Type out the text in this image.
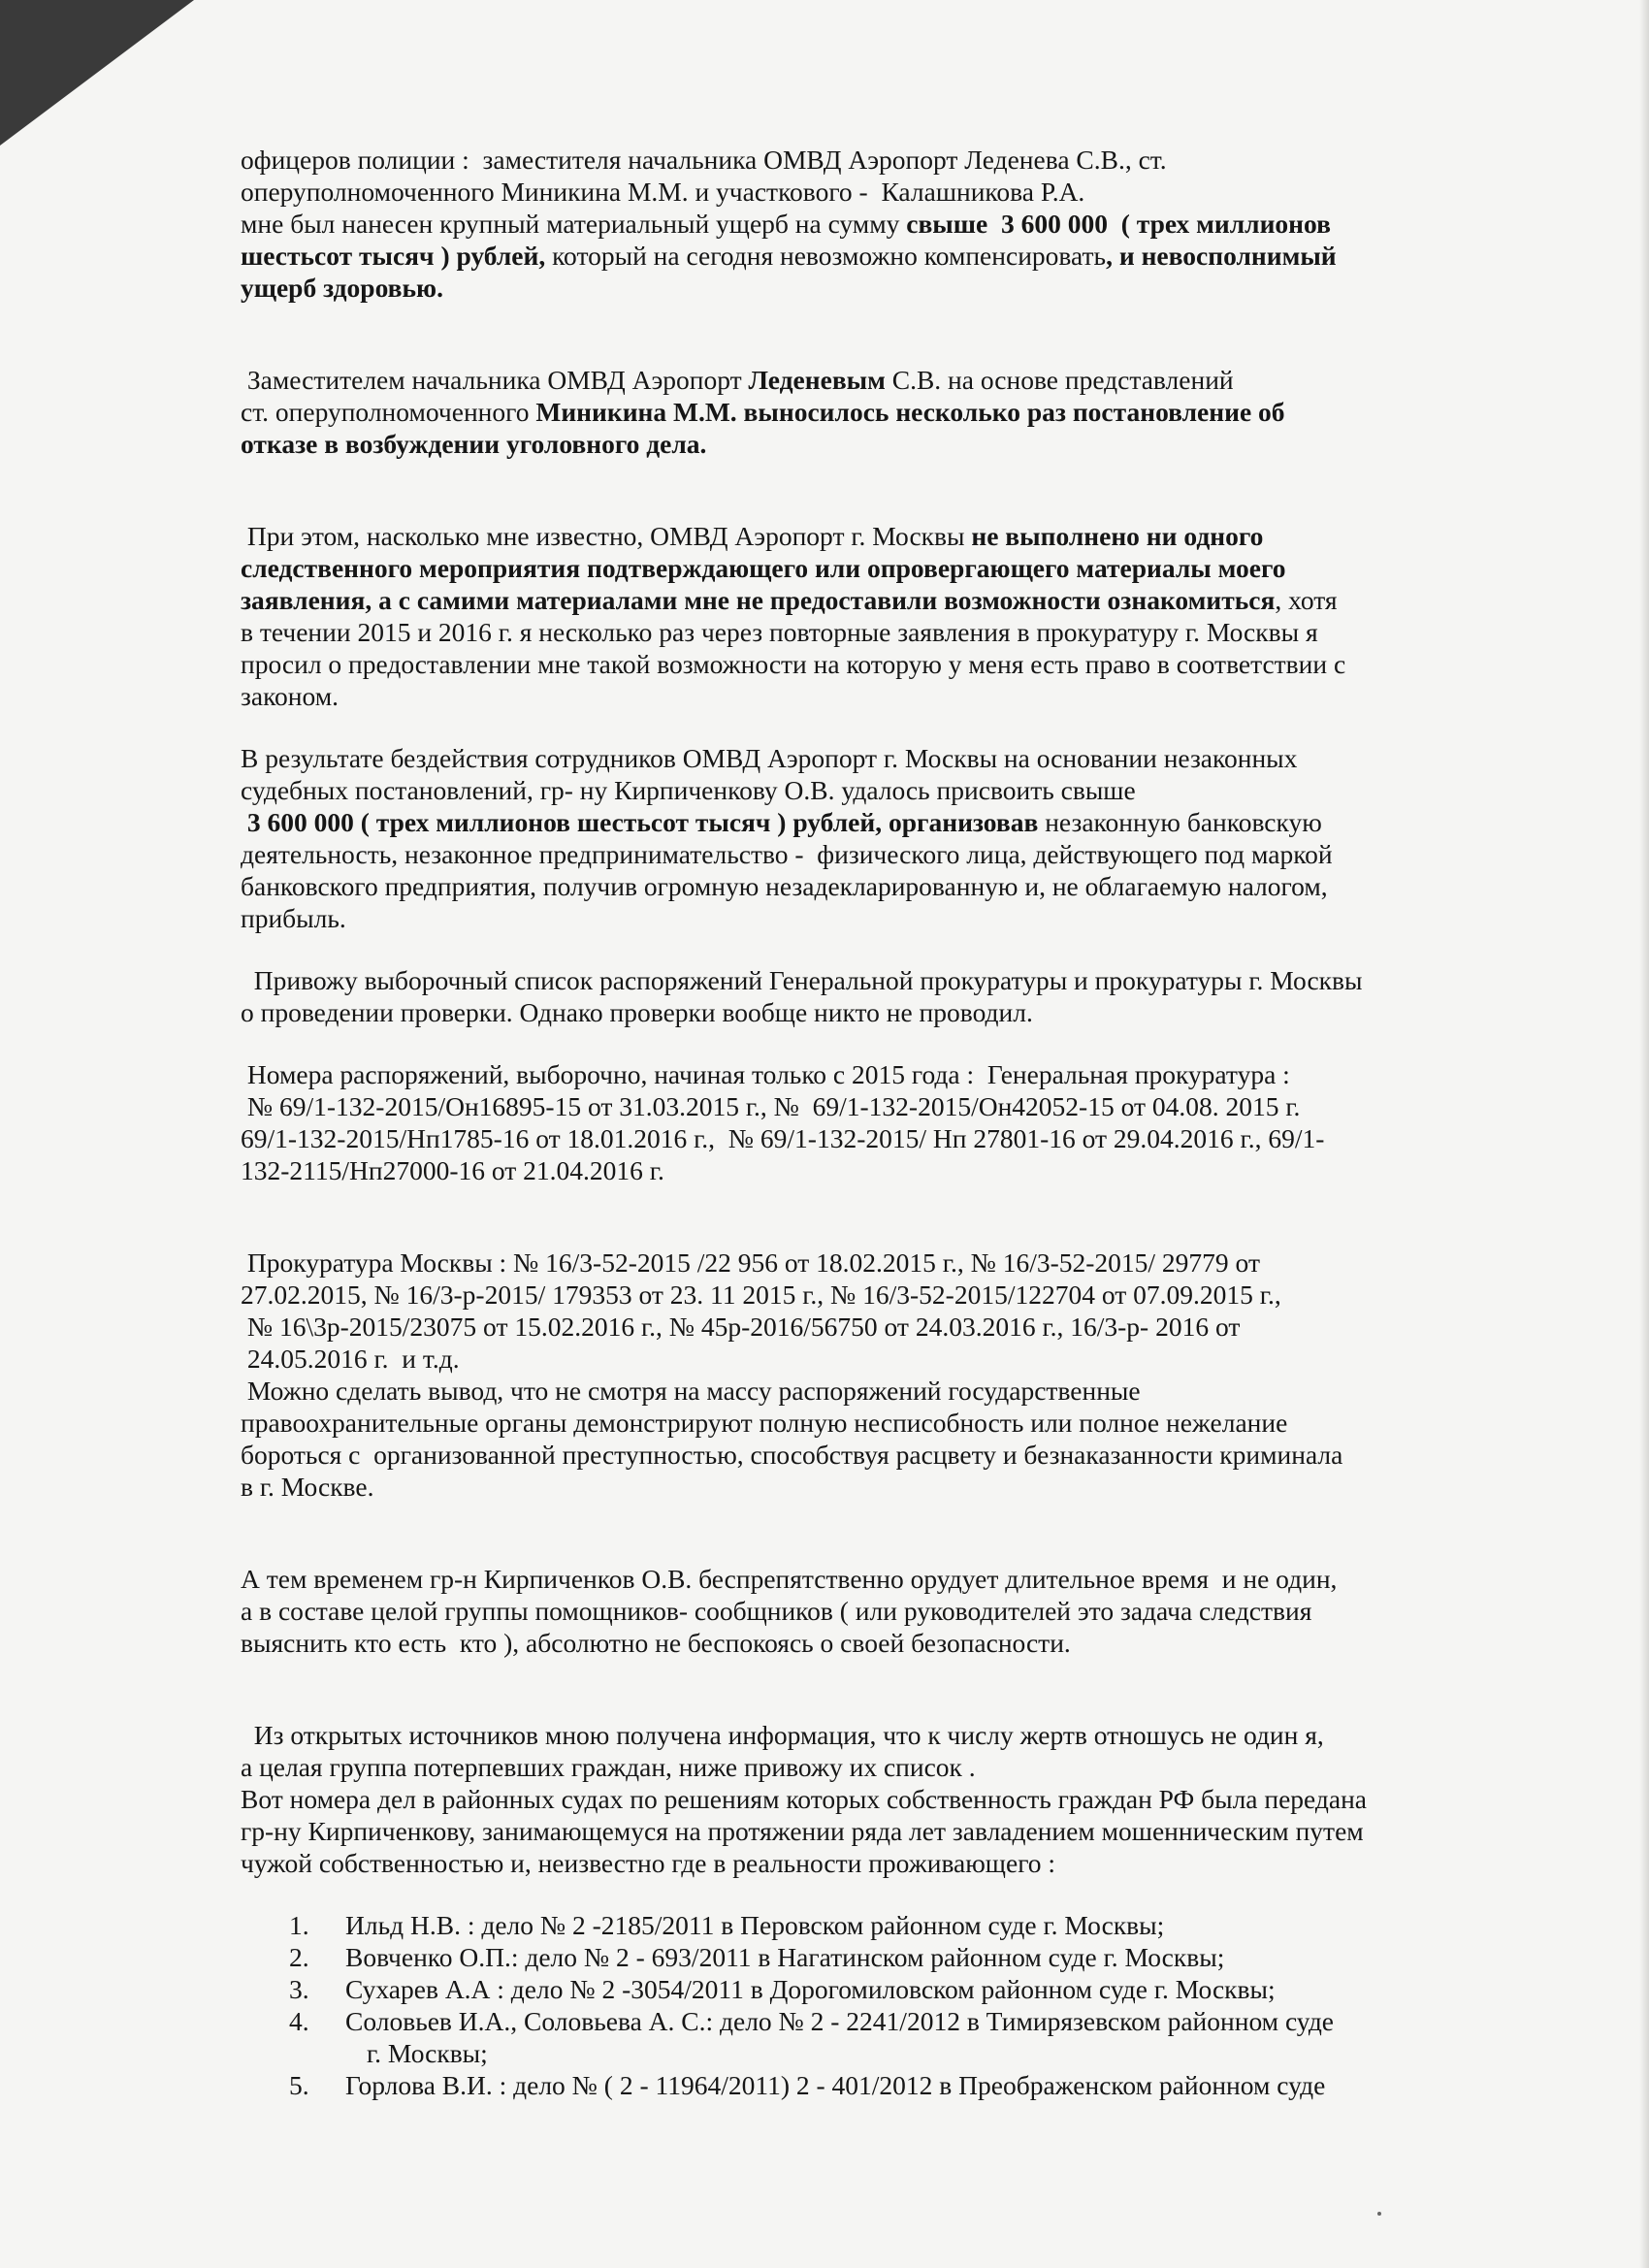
офицеров полиции :  заместителя начальника ОМВД Аэропорт Леденева С.В., ст.
оперуполномоченного Миникина М.М. и участкового -  Калашникова Р.А.
мне был нанесен крупный материальный ущерб на сумму свыше  3 600 000  ( трех миллионов
шестьсот тысяч ) рублей, который на сегодня невозможно компенсировать, и невосполнимый
ущерб здоровью.

Заместителем начальника ОМВД Аэропорт Леденевым С.В. на основе представлений
ст. оперуполномоченного Миникина М.М. выносилось несколько раз постановление об
отказе в возбуждении уголовного дела.

При этом, насколько мне известно, ОМВД Аэропорт г. Москвы не выполнено ни одного
следственного мероприятия подтверждающего или опровергающего материалы моего
заявления, а с самими материалами мне не предоставили возможности ознакомиться, хотя
в течении 2015 и 2016 г. я несколько раз через повторные заявления в прокуратуру г. Москвы я
просил о предоставлении мне такой возможности на которую у меня есть право в соответствии с
законом.

В результате бездействия сотрудников ОМВД Аэропорт г. Москвы на основании незаконных
судебных постановлений, гр- ну Кирпиченкову О.В. удалось присвоить свыше
3 600 000 ( трех миллионов шестьсот тысяч ) рублей, организовав незаконную банковскую
деятельность, незаконное предпринимательство -  физического лица, действующего под маркой
банковского предприятия, получив огромную незадекларированную и, не облагаемую налогом,
прибыль.

Привожу выборочный список распоряжений Генеральной прокуратуры и прокуратуры г. Москвы
о проведении проверки. Однако проверки вообще никто не проводил.

Номера распоряжений, выборочно, начиная только с 2015 года :  Генеральная прокуратура :
№ 69/1-132-2015/Он16895-15 от 31.03.2015 г., №  69/1-132-2015/Он42052-15 от 04.08. 2015 г.
69/1-132-2015/Нп1785-16 от 18.01.2016 г.,  № 69/1-132-2015/ Нп 27801-16 от 29.04.2016 г., 69/1-
132-2115/Нп27000-16 от 21.04.2016 г.

Прокуратура Москвы : № 16/3-52-2015 /22 956 от 18.02.2015 г., № 16/3-52-2015/ 29779 от
27.02.2015, № 16/3-р-2015/ 179353 от 23. 11 2015 г., № 16/3-52-2015/122704 от 07.09.2015 г.,
№ 16\3р-2015/23075 от 15.02.2016 г., № 45р-2016/56750 от 24.03.2016 г., 16/3-р- 2016 от
24.05.2016 г.  и т.д.
Можно сделать вывод, что не смотря на массу распоряжений государственные
правоохранительные органы демонстрируют полную несписобность или полное нежелание
бороться с  организованной преступностью, способствуя расцвету и безнаказанности криминала
в г. Москве.

А тем временем гр-н Кирпиченков О.В. беспрепятственно орудует длительное время  и не один,
а в составе целой группы помощников- сообщников ( или руководителей это задача следствия
выяснить кто есть  кто ), абсолютно не беспокоясь о своей безопасности.

Из открытых источников мною получена информация, что к числу жертв отношусь не один я,
а целая группа потерпевших граждан, ниже привожу их список .
Вот номера дел в районных судах по решениям которых собственность граждан РФ была передана
гр-ну Кирпиченкову, занимающемуся на протяжении ряда лет завладением мошенническим путем
чужой собственностью и, неизвестно где в реальности проживающего :

1. Ильд Н.В. : дело № 2 -2185/2011 в Перовском районном суде г. Москвы;
2. Вовченко О.П.: дело № 2 - 693/2011 в Нагатинском районном суде г. Москвы;
3. Сухарев А.А : дело № 2 -3054/2011 в Дорогомиловском районном суде г. Москвы;
4. Соловьев И.А., Соловьева А. С.: дело № 2 - 2241/2012 в Тимирязевском районном суде
г. Москвы;
5. Горлова В.И. : дело № ( 2 - 11964/2011) 2 - 401/2012 в Преображенском районном суде
